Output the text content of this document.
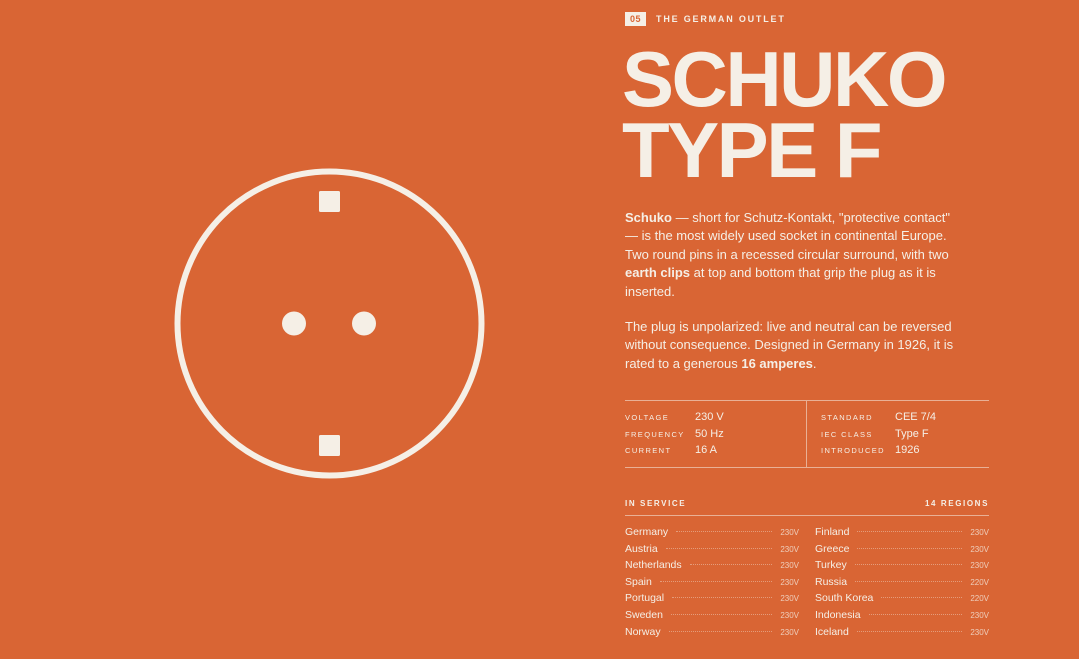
05	THE GERMAN OUTLET
SCHUKO
TYPE F

Schuko — short for Schutz-Kontakt, "protective contact" — is the most widely used socket in continental Europe. Two round pins in a recessed circular surround, with two earth clips at top and bottom that grip the plug as it is inserted.

The plug is unpolarized: live and neutral can be reversed without consequence. Designed in Germany in 1926, it is rated to a generous 16 amperes.

VOLTAGE	230 V
FREQUENCY 50 Hz
CURRENT	16 A
STANDARD	CEE 7/4
IEC CLASS	Type F
INTRODUCED 1926
IN SERVICE	14 REGIONS
Germany	230V
Austria	230V
Netherlands	230V
Spain	230V
Portugal	230V
Sweden	230V
Norway	230V
Finland	230V
Greece	230V
Turkey	230V
Russia	220V
South Korea	220V
Indonesia	230V
Iceland	230V
